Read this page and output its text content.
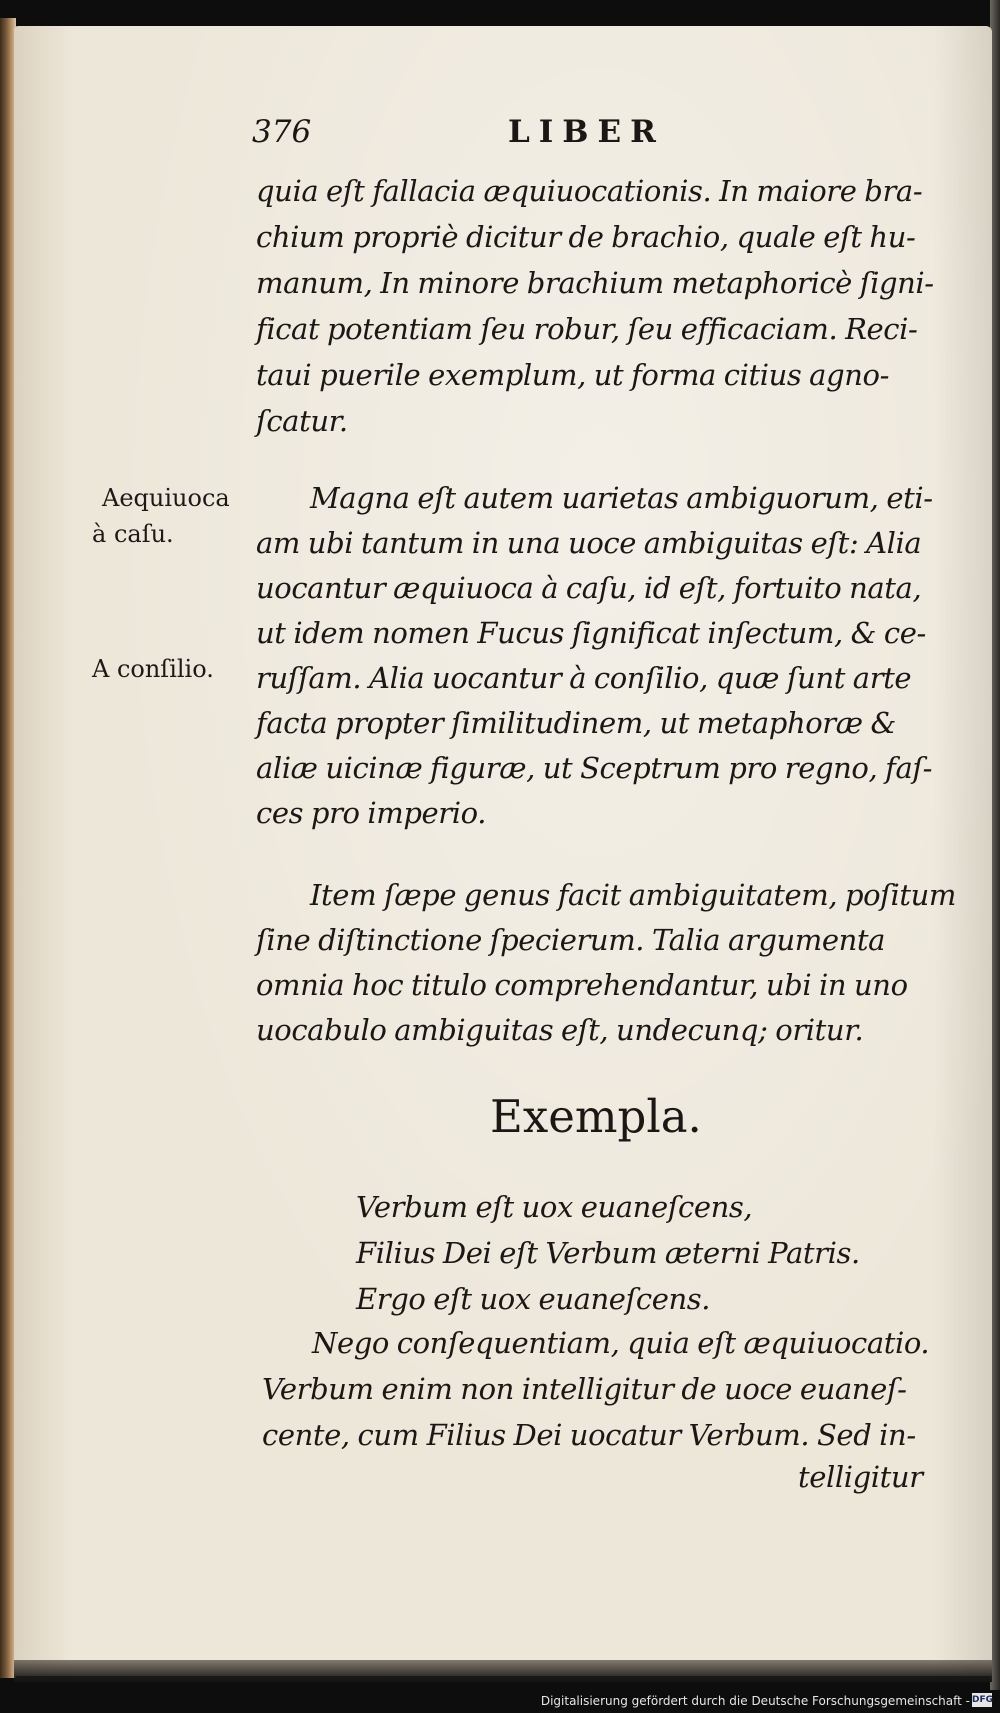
376	LIBER
quia eſt fallacia æquiuocationis. In maiore bra-
chium propriè dicitur de brachio, quale eſt hu-
manum, In minore brachium metaphoricè ſigni-
ficat potentiam ſeu robur, ſeu efficaciam. Reci-
taui puerile exemplum, ut forma citius agno-
ſcatur.
Aequiuoca
à caſu.
A conſilio.
Magna eſt autem uarietas ambiguorum, eti-
am ubi tantum in una uoce ambiguitas eſt: Alia
uocantur æquiuoca à caſu, id eſt, fortuito nata,
ut idem nomen Fucus ſignificat inſectum, & ce-
ruſſam. Alia uocantur à conſilio, quæ ſunt arte
facta propter ſimilitudinem, ut metaphoræ &
aliæ uicinæ figuræ, ut Sceptrum pro regno, faſ-
ces pro imperio.
Item ſæpe genus facit ambiguitatem, poſitum
ſine diſtinctione ſpecierum. Talia argumenta
omnia hoc titulo comprehendantur, ubi in uno
uocabulo ambiguitas eſt, undecunq; oritur.
Exempla.
Verbum eſt uox euaneſcens,
Filius Dei eſt Verbum æterni Patris.
Ergo eſt uox euaneſcens.
Nego conſequentiam, quia eſt æquiuocatio.
Verbum enim non intelligitur de uoce euaneſ-
cente, cum Filius Dei uocatur Verbum. Sed in-
telligitur
Digitalisierung gefördert durch die Deutsche Forschungsgemeinschaft - DFG
